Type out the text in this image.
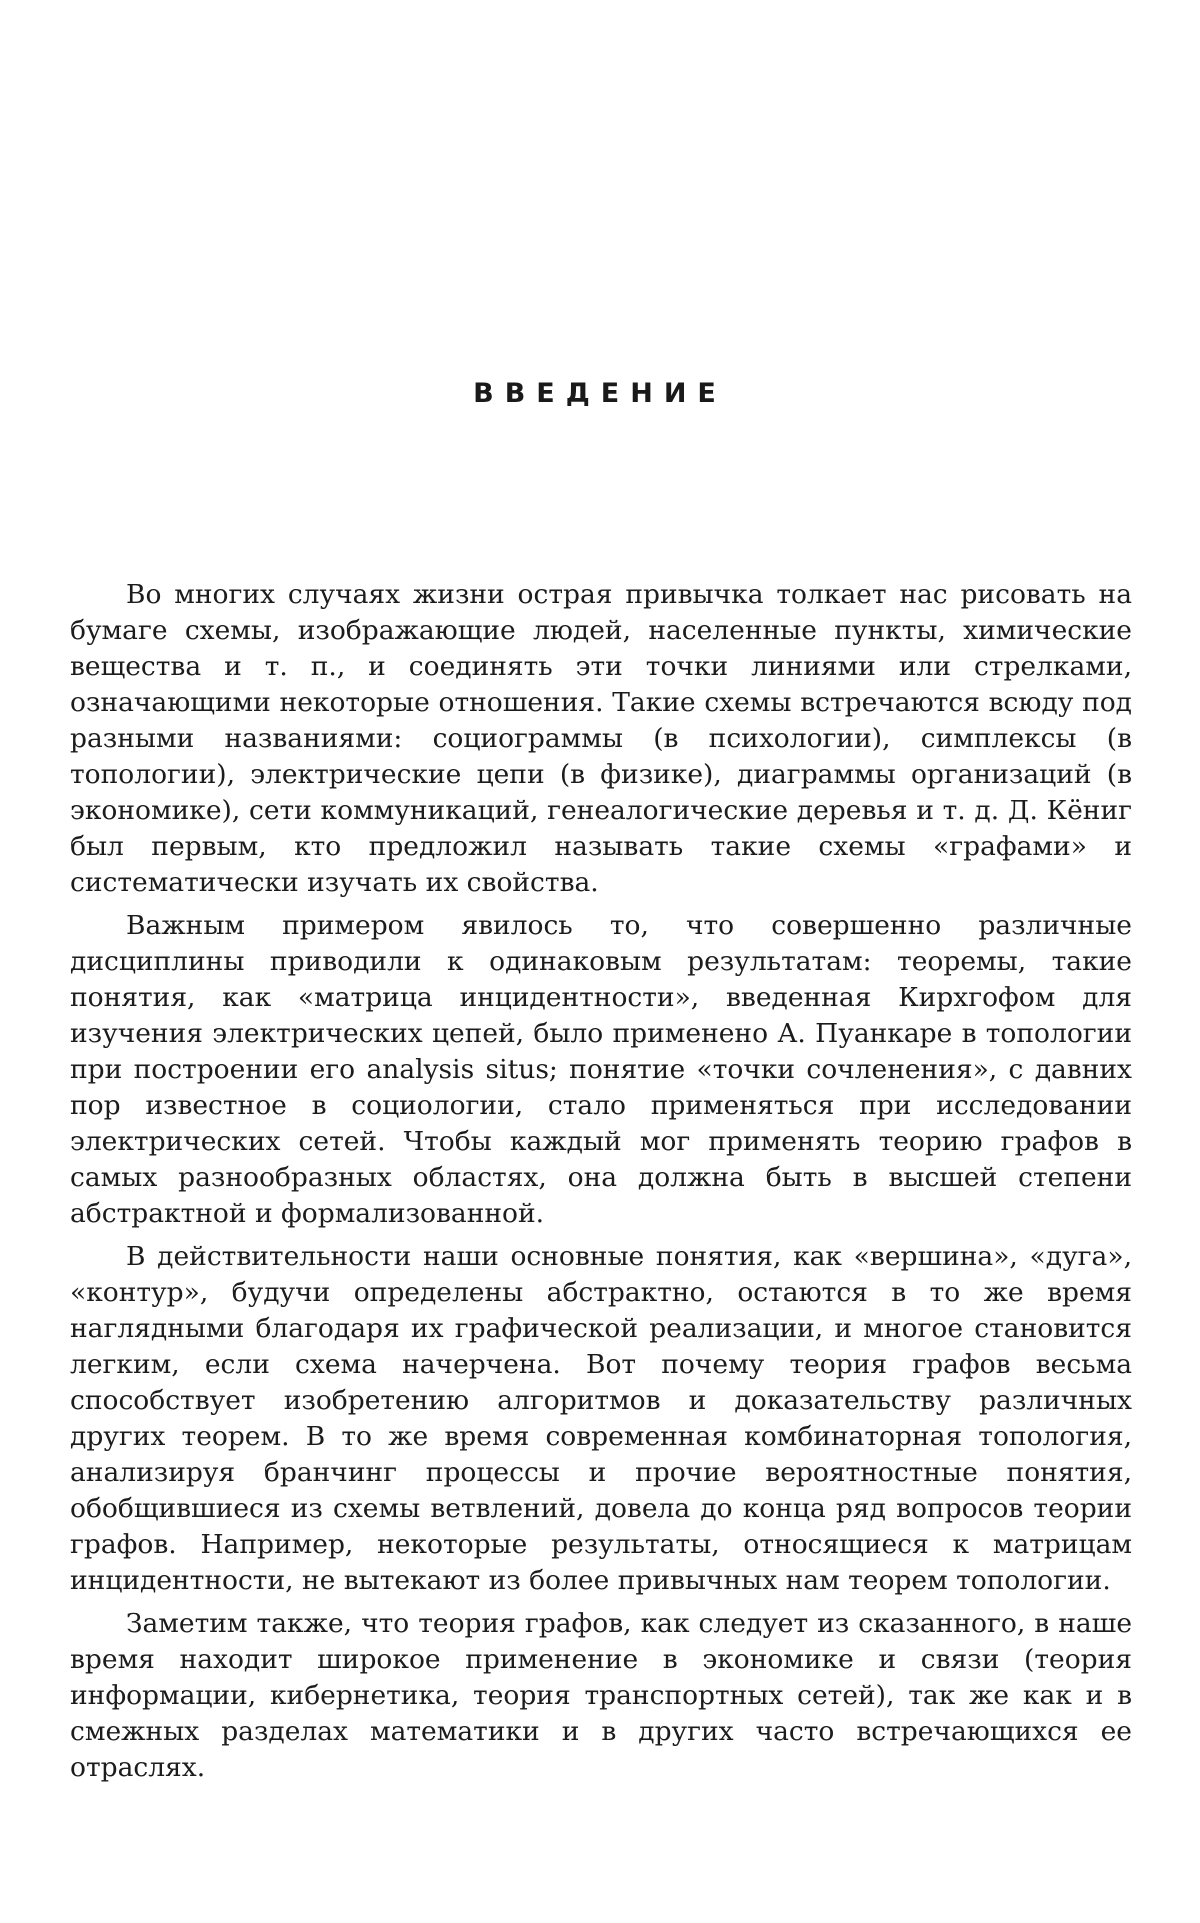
ВВЕДЕНИЕ

Во многих случаях жизни острая привычка толкает нас рисовать на бумаге схемы, изображающие людей, населенные пункты, химические вещества и т. п., и соединять эти точки линиями или стрелками, означающими некоторые отношения. Такие схемы встречаются всюду под разными названиями: социограммы (в психологии), симплексы (в топологии), электрические цепи (в физике), диаграммы организаций (в экономике), сети коммуникаций, генеалогические деревья и т. д. Д. Кёниг был первым, кто предложил называть такие схемы «графами» и систематически изучать их свойства.

Важным примером явилось то, что совершенно различные дисциплины приводили к одинаковым результатам: теоремы, такие понятия, как «матрица инцидентности», введенная Кирхгофом для изучения электрических цепей, было применено А. Пуанкаре в топологии при построении его analysis situs; понятие «точки сочленения», с давних пор известное в социологии, стало применяться при исследовании электрических сетей. Чтобы каждый мог применять теорию графов в самых разнообразных областях, она должна быть в высшей степени абстрактной и формализованной.

В действительности наши основные понятия, как «вершина», «дуга», «контур», будучи определены абстрактно, остаются в то же время наглядными благодаря их графической реализации, и многое становится легким, если схема начерчена. Вот почему теория графов весьма способствует изобретению алгоритмов и доказательству различных других теорем. В то же время современная комбинаторная топология, анализируя бранчинг процессы и прочие вероятностные понятия, обобщившиеся из схемы ветвлений, довела до конца ряд вопросов теории графов. Например, некоторые результаты, относящиеся к матрицам инцидентности, не вытекают из более привычных нам теорем топологии.

Заметим также, что теория графов, как следует из сказанного, в наше время находит широкое применение в экономике и связи (теория информации, кибернетика, теория транспортных сетей), так же как и в смежных разделах математики и в других часто встречающихся ее отраслях.
